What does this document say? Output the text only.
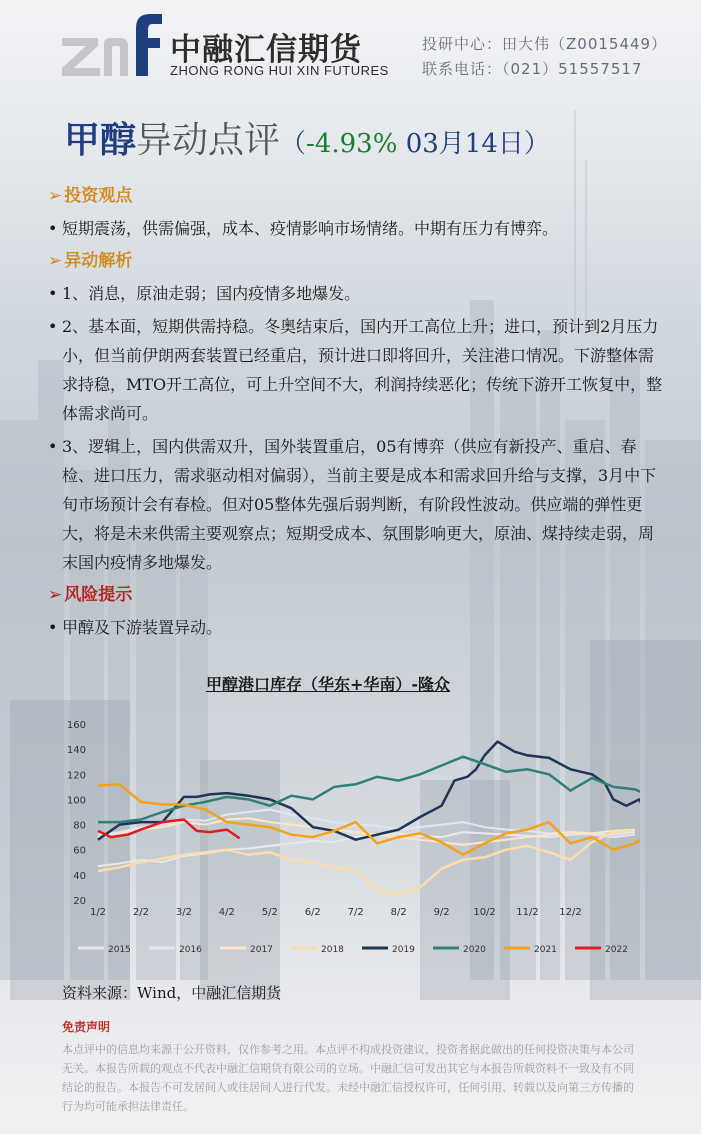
中融汇信期货
ZHONG RONG HUI XIN FUTURES
投研中心：田大伟（Z0015449）
联系电话：（021）51557517
甲醇异动点评（-4.93% 03月14日）
➢ 投资观点
• 短期震荡，供需偏强，成本、疫情影响市场情绪。中期有压力有博弈。
➢ 异动解析
• 1、消息，原油走弱；国内疫情多地爆发。
• 2、基本面，短期供需持稳。冬奥结束后，国内开工高位上升；进口，预计到2月压力小，但当前伊朗两套装置已经重启，预计进口即将回升，关注港口情况。下游整体需求持稳，MTO开工高位，可上升空间不大，利润持续恶化；传统下游开工恢复中，整体需求尚可。
• 3、逻辑上，国内供需双升，国外装置重启，05有博弈（供应有新投产、重启、春检、进口压力，需求驱动相对偏弱），当前主要是成本和需求回升给与支撑，3月中下旬市场预计会有春检。但对05整体先强后弱判断，有阶段性波动。供应端的弹性更大，将是未来供需主要观察点；短期受成本、氛围影响更大，原油、煤持续走弱，周末国内疫情多地爆发。
➢ 风险提示
• 甲醇及下游装置异动。
甲醇港口库存（华东+华南）-隆众
160
140
120
100
80
60
40
20
1/2	2/2	3/2	4/2	5/2	6/2	7/2	8/2	9/2 10/2 11/2 12/2
2015	2016	2017	2018	2019	2020	2021	2022
资料来源：Wind，中融汇信期货
免责声明
本点评中的信息均来源于公开资料，仅作参考之用。本点评不构成投资建议，投资者据此做出的任何投资决策与本公司无关。本报告所载的观点不代表中融汇信期货有限公司的立场。中融汇信可发出其它与本报告所载资料不一致及有不同结论的报告。本报告不可发居间人或往居间人进行代发。未经中融汇信授权许可，任何引用、转载以及向第三方传播的行为均可能承担法律责任。
